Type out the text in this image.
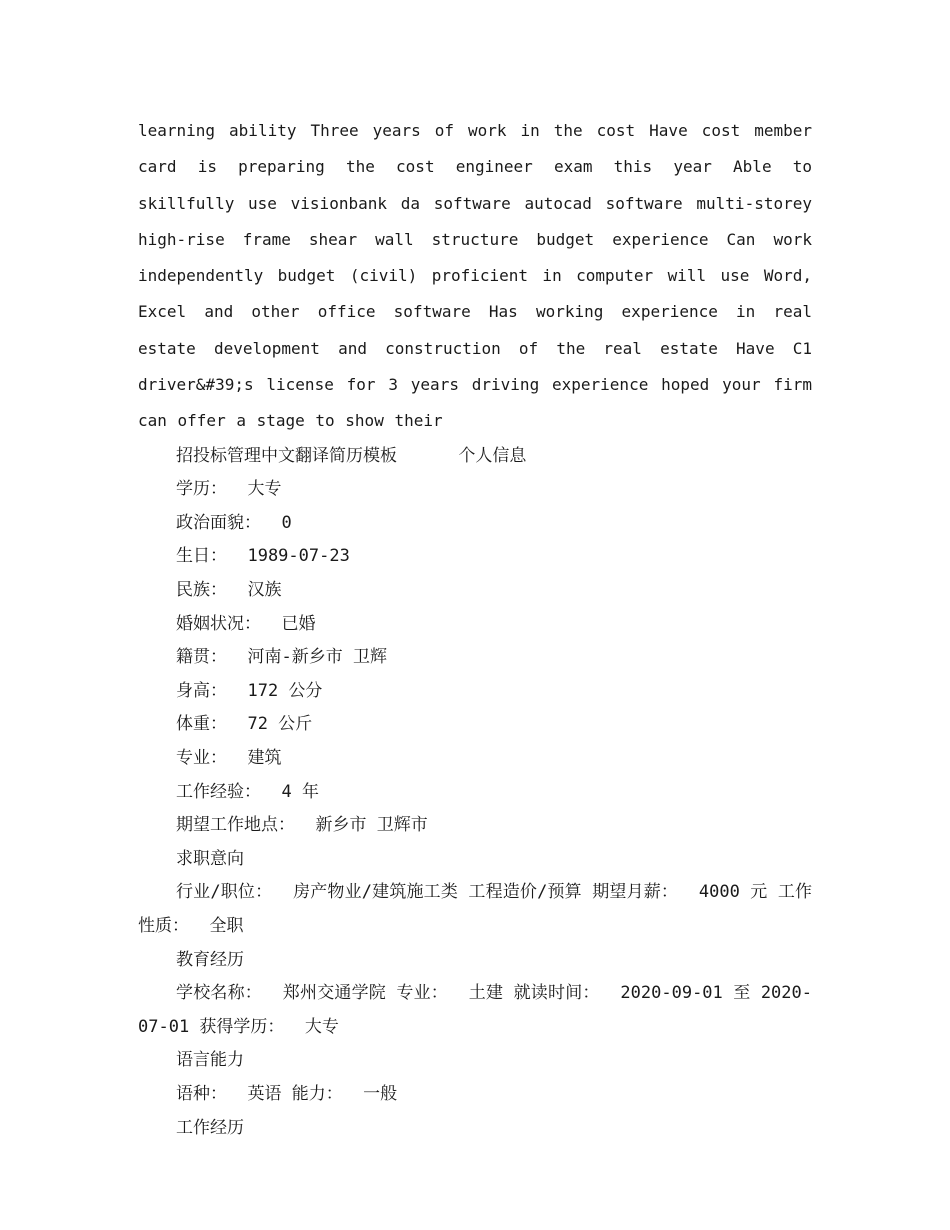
learning ability Three years of work in the cost Have cost member card is preparing the cost engineer exam this year Able to skillfully use visionbank da software autocad software multi-storey high-rise frame shear wall structure budget experience Can work independently budget (civil) proficient in computer will use Word, Excel and other office software Has working experience in real estate development and construction of the real estate Have C1 driver&#39;s license for 3 years driving experience hoped your firm can offer a stage to show their

招投标管理中文翻译简历模板      个人信息

学历：  大专

政治面貌：  0

生日：  1989-07-23

民族：  汉族

婚姻状况：  已婚

籍贯：  河南-新乡市 卫辉

身高：  172 公分

体重：  72 公斤

专业：  建筑

工作经验：  4 年

期望工作地点：  新乡市 卫辉市

求职意向

行业/职位：  房产物业/建筑施工类 工程造价/预算 期望月薪：  4000 元 工作性质：  全职

教育经历

学校名称：  郑州交通学院 专业：  土建 就读时间：  2020-09-01 至 2020-07-01 获得学历：  大专

语言能力

语种：  英语 能力：  一般

工作经历
